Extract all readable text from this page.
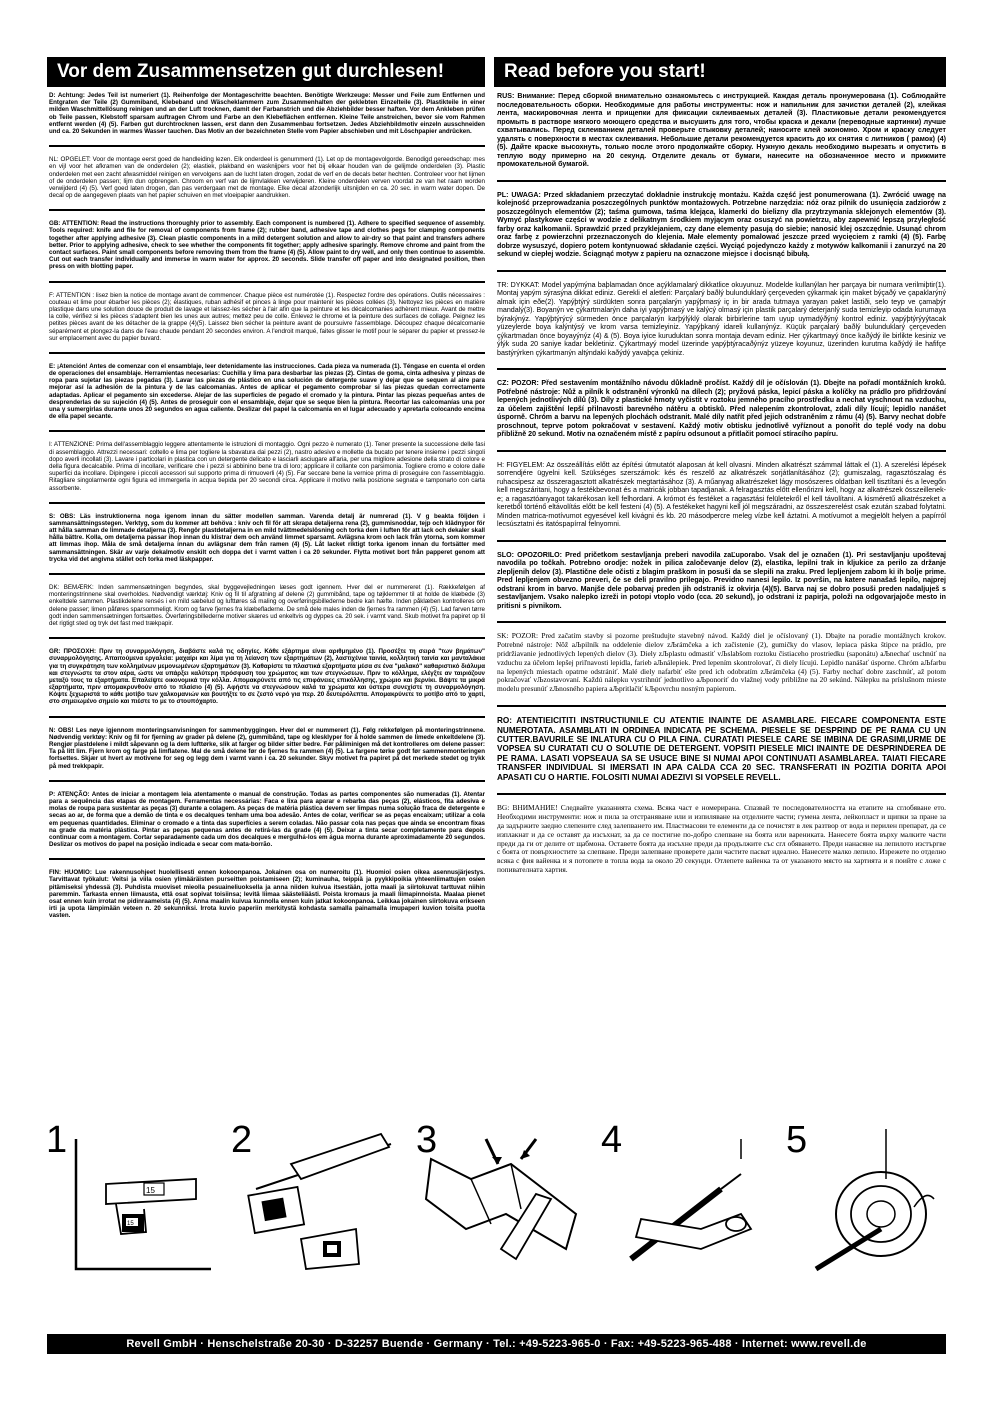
Vor dem Zusammensetzen gut durchlesen!	Read before you start!

D: Achtung: Jedes Teil ist numeriert (1). Reihenfolge der Montageschritte beachten. Benötigte Werkzeuge: Messer und Feile zum Entfernen und Entgraten der Teile (2) Gummiband, Klebeband und Wäscheklammern zum Zusammenhalten der geklebten Einzelteile (3). Plastikteile in einer milden Waschmittellösung reinigen und an der Luft trocknen, damit der Farbanstrich und die Abziehbilder besser haften. Vor dem Ankleben prüfen ob Teile passen, Klebstoff sparsam auftragen Chrom und Farbe an den Klebeflächen entfernen. Kleine Teile anstreichen, bevor sie vom Rahmen entfernt werden (4) (5). Farben gut durchtrocknen lassen, erst dann den Zusammenbau fortsetzen. Jedes Abziehbildmotiv einzeln ausschneiden und ca. 20 Sekunden in warmes Wasser tauchen. Das Motiv an der bezeichneten Stelle vom Papier abschieben und mit Löschpapier andrücken.

NL: OPGELET: Voor de montage eerst goed de handleiding lezen. Elk onderdeel is genummerd (1). Let op de montagevolgorde. Benodigd gereedschap: mes en vijl voor het afkramen van de onderdelen (2); elastiek, plakband en wasknijpers voor het bij elkaar houden van de gelijmde onderdelen (3). Plastic onderdelen met een zacht afwasmiddel reinigen en vervolgens aan de lucht laten drogen, zodat de verf en de decals beter hechten. Controleer voor het lijmen of de onderdelen passen; lijm dun opbrengen. Chroom en verf van de lijmvlakken verwijderen. Kleine onderdelen verven voordat ze van het raam worden verwijderd (4) (5). Verf goed laten drogen, dan pas verdergaan met de montage. Elke decal afzonderlijk uitsnijden en ca. 20 sec. in warm water dopen. De decal op de aangegeven plaats van het papier schuiven en met vloeipapier aandrukken.

GB: ATTENTION: Read the instructions thoroughly prior to assembly. Each component is numbered (1). Adhere to specified sequence of assembly. Tools required: knife and file for removal of components from frame (2); rubber band, adhesive tape and clothes pegs for clamping components together after applying adhesive (3). Clean plastic components in a mild detergent solution and allow to air-dry so that paint and transfers adhere better. Prior to applying adhesive, check to see whether the components fit together; apply adhesive sparingly. Remove chrome and paint from the contact surfaces. Paint small components before removing them from the frame (4) (5). Allow paint to dry well, and only then continue to assemble. Cut out each transfer individually and immerse in warm water for approx. 20 seconds. Slide transfer off paper and into designated position, then press on with blotting paper.

F: ATTENTION : lisez bien la notice de montage avant de commencer. Chaque pièce est numérotée (1). Respectez l'ordre des opérations. Outils nécessaires : couteau et lime pour ébarber les pièces (2); élastiques, ruban adhésif et pinces à linge pour maintenir les pièces collées (3). Nettoyez les pièces en matière plastique dans une solution douce de produit de lavage et laissez-les sécher à l'air afin que la peinture et les décalcomanies adhèrent mieux. Avant de mettre la colle, vérifiez si les pièces s'adaptent bien les unes aux autres; mettez peu de colle. Enlevez le chrome et la peinture des surfaces de collage. Peignez les petites pièces avant de les détacher de la grappe (4)(5). Laissez bien sécher la peinture avant de poursuivre l'assemblage. Découpez chaque décalcomanie séparément et plongez-la dans de l'eau chaude pendant 20 secondes environ. A l'endroit marqué, faites glisser le motif pour le séparer du papier et pressez-le sur emplacement avec du papier buvard.

E: ¡Atención! Antes de comenzar con el ensamblaje, leer detenidamente las instrucciones. Cada pieza va numerada (1). Téngase en cuenta el orden de operaciones del ensamblaje. Herramientas necesarias: Cuchilla y lima para desbarbar las piezas (2). Cintas de goma, cinta adhesiva y pinzas de ropa para sujetar las piezas pegadas (3). Lavar las piezas de plástico en una solución de detergente suave y dejar que se sequen al aire para mejorar así la adhesión de la pintura y de las calcomanías. Antes de aplicar el pegamento comprobar si las piezas quedan correctamente adaptadas. Aplicar el pegamento sin excederse. Alejar de las superficies de pegado el cromado y la pintura. Pintar las piezas pequeñas antes de desprenderlas de su sujeción (4) (5). Antes de proseguir con el ensamblaje, dejar que se seque bien la pintura. Recortar las calcomanías una por una y sumergirlas durante unos 20 segundos en agua caliente. Deslizar del papel la calcomanía en el lugar adecuado y apretarla colocando encima de ella papel secante.

I: ATTENZIONE: Prima dell'assemblaggio leggere attentamente le istruzioni di montaggio. Ogni pezzo è numerato (1). Tener presente la successione delle fasi di assemblaggio. Attrezzi necessari: coltello e lima per togliere la sbavatura dai pezzi (2), nastro adesivo e mollette da bucato per tenere insieme i pezzi singoli dopo averli incollati (3). Lavare i particolari in plastica con un detergente delicato e lasciarli asciugare all'aria, per una migliore adesione della strato di colore e della figura decalcabile. Prima di incollare, verificare che i pezzi si abbinino bene tra di loro; applicare il collante con parsimonia. Togliere cromo e colore dalle superfici da incollare. Dipingere i piccoli accessori sul supporto prima di rimuoverli (4) (5). Far seccare bene la vernice prima di proseguire con l'assemblaggio. Ritagliare singolarmente ogni figura ed immergerla in acqua tiepida per 20 secondi circa. Applicare il motivo nella posizione segnata e tamponarlo con carta assorbente.

S: OBS: Läs instruktionerna noga igenom innan du sätter modellen samman. Varenda detalj är numrerad (1). V g beakta följden i sammansättningsstegen. Verktyg, som du kommer att behöva : kniv och fil för att skrapa detaljerna rena (2), gummisnoddar, tejp och klädnypor för att hålla samman de limmade detaljerna (3). Rengör plastdetaljerna in en mild tvättmedelslösning och torka dem i luften för att lack och dekaler skall hålla bättre. Kolla, om detaljerna passar ihop innan du klistrar dem och använd limmet sparsamt. Avlägsna krom och lack från ytorna, som kommer att limmas ihop. Måla de små detaljerna innan du avlägsnar dem från ramen (4) (5). Låt lacket riktigt torka igenom innan du fortsätter med sammansättningen. Skär av varje dekalmotiv enskilt och doppa det i varmt vatten i ca 20 sekunder. Flytta motivet bort från papperet genom att trycka vid det angivna stället och torka med läskpapper.

DK: BEMÆRK: Inden sammensætningen begyndes, skal byggevejledningen læses godt igennem. Hver del er nummereret (1). Rækkefølgen af monteringstrinnene skal overholdes. Nødvendigt værktøj: Kniv og fil til afgratning af delene (2) gummibånd, tape og tøjklemmer til at holde de klæbede (3) enkeltdele sammen. Plastikdelene rensés i en mild sæbelud og lufttøres så maling og overføringsbillederne bedre kan hæfte. Inden påklæben kontrolleres om delene passer; limen påføres sparsommeligt. Krom og farve fjernes fra klæbefladerne. De små dele males inden de fjernes fra rammen (4) (5). Lad farven tørre godt inden sammensætningen fortsættes. Overføringsbillederne motiver skæres ud enkeltvis og dyppes ca. 20 sek. i varmt vand. Skub motivet fra papiret op til det rigtigt sted og tryk det fast med trækpapir.

GR: ΠΡΟΣΟΧΗ: Πριν τη συναρμολόγηση, διαβάστε καλά τις οδηγίες. Κάθε εξάρτημα είναι αριθμημένο (1). Προσέξτε τη σειρά "των βημάτων" συναρμολόγησης. Απαιτούμενα εργαλεία: μαχαίρι και λίμα για τη λείανση των εξαρτημάτων (2), λαστιχένια ταινία, κολλητική ταινία και μανταλάκια για τη συγκράτηση των κολλημένων μεμονωμένων εξαρτημάτων (3). Καθαρίστε τα πλαστικά εξαρτήματα μέσα σε ένα "μαλακό" καθαριστικό διάλυμα και στεγνώστε τα στον αέρα, ώστε να υπάρξει καλύτερη πρόσφυση του χρώματος και των στεγνώσεων. Πριν το κόλλημα, ελέγξτε αν ταιριάζουν μεταξύ τους τα εξαρτήματα. Επαλείψτε οικονομικά την κόλλα. Απομακρύνετε από τις επιφάνειες επικόλλησης, χρώμιο και βερνίκι. Βάψτε τα μικρά εξαρτήματα, πριν απομακρυνθούν από το πλαίσιο (4) (5). Αφήστε να στεγνώσουν καλά τα χρώματα και ύστερα συνεχίστε τη συναρμολόγηση. Κόψτε ξεχωριστά το κάθε μοτίβο των χαλκομανιών και βουτήξτε το σε ζεστό νερό για περ. 20 δευτερόλεπτα. Απομακρύνετε το μοτίβο από το χαρτί, στο σημειωμένο σημείο και πιέστε το με το στουπόχαρτο.

N: OBS! Les nøye igjennom monteringsanvisningen for sammenbyggingen. Hver del er nummerert (1). Følg rekkefølgen på monteringstrinnene. Nødvendig verktøy: Kniv og fil for fjerning av grader på delene (2), gummibånd, tape og klesklyper for å holde sammen de limede enkeltdelene (3). Rengjør plastdelene i mildt såpevann og la dem lufttørke, slik at farger og bilder sitter bedre. Før påliminigen må det kontrolleres om delene passer: Ta på litt lim. Fjern krom og farge på limflatene. Mal de små delene før de fjernes fra rammen (4) (5). La fargene tørke godt før sammenmonteringen fortsettes. Skjær ut hvert av motivene for seg og legg dem i varmt vann i ca. 20 sekunder. Skyv motivet fra papiret på det merkede stedet og trykk på med trekkpapir.

P: ATENÇÃO: Antes de iniciar a montagem leia atentamente o manual de construção. Todas as partes componentes são numeradas (1). Atentar para a sequência das etapas de montagem. Ferramentas necessárias: Faca e lixa para aparar e rebarba das peças (2), elásticos, fita adesiva e molas de roupa para sustentar as peças (3) durante a colagem. As peças de matéria plástica devem ser limpas numa solução fraca de detergente e secas ao ar, de forma que a demão de tinta e os decalques tenham uma boa adesão. Antes de colar, verificar se as peças encaixam; utilizar a cola em pequenas quantidades. Eliminar o cromado e a tinta das superfícies a serem coladas. Não passar cola nas peças que ainda se encontram fixas na grade da matéria plástica. Pintar as peças pequenas antes de retirá-las da grade (4) (5). Deixar a tinta secar completamente para depois continuar com a montagem. Cortar separadamente cada um dos decalques e mergulhá-los em água morna durante aproximadamente 20 segundos. Deslizar os motivos do papel na posição indicada e secar com mata-borrão.

FIN: HUOMIO: Lue rakennusohjeet huolellisesti ennen kokoonpanoa. Jokainen osa on numeroitu (1). Huomioi osien oikea asennusjärjestys. Tarvittavat työkalut: Veitsi ja viila osien ylimääräisten purseitten poistamiseen (2); kuminauha, teippiä ja pyykkipoikia yhteenliimattujen osien pitämiseksi yhdessä (3). Puhdista muoviset mieolla pesuaineliuoksella ja anna niiden kuivua itsestään, jotta maali ja siirtokuvat tarttuvat niihin paremmin. Tarkasta ennen liimausta, että osat sopivat toisiinsa; levitä liimaa säästeliäästi. Poista kromaus ja maali liimapinnoista. Maalaa pienet osat ennen kuin irrotat ne pidinraameista (4) (5). Anna maalin kuivua kunnolla ennen kuin jatkat kokoonpanoa. Leikkaa jokainen siirtokuva erikseen irti ja upota lämpimään veteen n. 20 sekunniksi. Irrota kuvio paperiin merkitystä kohdasta samalla painamalla imupaperi kuvion toisita puolta vasten.

RUS: Внимание: Перед сборкой внимательно ознакомьтесь с инструкцией. Каждая деталь пронумерована (1). Соблюдайте последовательность сборки. Необходимые для работы инструменты: нож и напильник для зачистки деталей (2), клейкая лента, маскировочная лента и прищепки для фиксации склеиваемых деталей (3). Пластиковые детали рекомендуется промыть в растворе мягкого моющего средства и высушить для того, чтобы краска и декали (переводные картинки) лучше схватывались. Перед склеиванием деталей проверьте стыковку деталей; наносите клей экономно. Хром и краску следует удалять с поверхности в местах склеивания. Небольшие детали рекомендуется красить до их снятия с литников ( рамок) (4) (5). Дайте краске высохнуть, только после этого продолжайте сборку. Нужную декаль необходимо вырезать и опустить в теплую воду примерно на 20 секунд. Отделите декаль от бумаги, нанесите на обозначенное место и прижмите промокательной бумагой.

PL: UWAGA: Przed składaniem przeczytać dokładnie instrukcję montażu. Każda część jest ponumerowana (1). Zwrócić uwagę na kolejność przeprowadzania poszczególnych punktów montażowych. Potrzebne narzędzia: nóż oraz pilnik do usunięcia zadziorów z poszczególnych elementów (2); taśma gumowa, taśma klejąca, klamerki do bielizny dla przytrzymania sklejonych elementów (3). Wymyć plastykowe części w wodzie z delikatnym środkiem myjącym oraz osuszyć na powietrzu, aby zapewnić lepszą przyległość farby oraz kalkomanii. Sprawdzić przed przyklejaniem, czy dane elementy pasują do siebie; nanosić klej oszczędnie. Usunąć chrom oraz farbę z powierzchni przeznaczonych do klejenia. Małe elementy pomalować jeszcze przed wycięciem z ramki (4) (5). Farbę dobrze wysuszyć, dopiero potem kontynuować składanie części. Wyciąć pojedynczo każdy z motywów kalkomanii i zanurzyć na 20 sekund w ciepłej wodzie. Ściągnąć motyw z papieru na oznaczone miejsce i docisnąć bibułą.

TR: DYKKAT: Model yapýmýna baþlamadan önce açýklamalarý dikkatlice okuyunuz. Modelde kullanýlan her parçaya bir numara verilmiþtir(1). Montaj yapým sýrasýna dikkat ediniz. Gerekli el aletleri: Parçalarý baðlý bulunduklarý çerçeveden çýkarmak için maket býçaðý ve çapaklarýný almak için eðe(2). Yapýþtýrý sürdükten sonra parçalarýn yapýþmasý iç in bir arada tutmaya yarayan paket lastiði, selo teyp ve çamaþýr mandalý(3). Boyanýn ve çýkartmalarýn daha iyi yapýþmasý ve kalýcý olmasý için plastik parçalarý deterjanlý suda temizleyip odada kurumaya býrakýnýz. Yapýþtýrýcý sürmeden önce parçalarýn karþýlýklý olarak birbirlerine tam uyup uymadýðýný kontrol ediniz. yapýþtýrýyýtacak yüzeylerde boya kalýntýsý ve krom varsa temizleyiniz. Yapýþkaný idareli kullanýnýz. Küçük parçalarý baðlý bulunduklarý çerçeveden çýkartmadan önce boyayýnýz (4) & (5). Boya iyice kuruduktan sonra montaja devam ediniz. Her çýkartmayý önce kaðýdý ile birlikte kesiniz ve ýlýk suda 20 saniye kadar bekletiniz. Çýkartmayý model üzerinde yapýþtýracaðýnýz yüzeye koyunuz, üzerinden kurutma kaðýdý ile hafifçe bastýrýrken çýkartmanýn altýndaki kaðýdý yavaþça çekiniz.

CZ: POZOR: Před sestavením montážního návodu důkladně pročíst. Každý díl je očíslován (1). Dbejte na pořadí montážních kroků. Potřebné nástroje: Nůž a pilník k odstranění výronků na dílech (2); pryžová páska, lepicí páska a kolíčky na prádlo pro přidržování lepených jednotlivých dílů (3). Díly z plastické hmoty vyčistit v roztoku jemného pracího prostředku a nechat vyschnout na vzduchu, za účelem zajištění lepší přilnavosti barevného nátěru a obtisků. Před nalepením zkontrolovat, zdali díly lícují; lepidlo nanášet úsporně. Chróm a barvu na lepených plochách odstranit. Malé díly natřít před jejich odstraněním z rámu (4) (5). Barvy nechat dobře proschnout, teprve potom pokračovat v sestavení. Každý motiv obtisku jednotlivě vyříznout a ponořit do teplé vody na dobu přibližně 20 sekund. Motiv na označeném místě z papíru odsunout a přitlačit pomocí stíracího papíru.

H: FIGYELEM: Az összeállítás előtt az építési útmutatót alaposan át kell olvasni. Minden alkatrészt számmal láttak el (1). A szerelési lépések sorrendjére ügyelni kell. Szükséges szerszámok: kés és reszelő az alkatrészek sorjátlanításához (2); gumiszalag, ragasztószalag és ruhacsipesz az összeragasztott alkatrészek megtartásához (3). A műanyag alkatrészeket lágy mosószeres oldatban kell tisztítani és a levegőn kell megszáritani, hogy a festékbevonat és a matricák jobban tapadjanak. A felragasztás előtt ellenőrizni kell, hogy az alkatrészek összeillenek-e; a ragasztóanyagot takarékosan kell felhordani. A krómot és festéket a ragasztási felületekről el kell távolítani. A kisméretű alkatrészeket a keretből történő eltávolítás előtt be kell festeni (4) (5). A festékeket hagyni kell jól megszáradni, az összeszerelést csak ezután szabad folytatni. Minden matrica-motívumot egyesével kell kivágni és kb. 20 másodpercre meleg vízbe kell áztatni. A motívumot a megjelölt helyen a papírról lecsúsztatni és itatóspapírral felnyomni.

SLO: OPOZORILO: Pred pričetkom sestavljanja preberi navodila zaĽuporabo. Vsak del je označen (1). Pri sestavljanju upoštevaj navodila po točkah. Potrebno orodje: nožek in pilica zaločevanje delov (2), elastika, lepilni trak in kljukice za perilo za držanje zlepljenih delov (3). Plastične dele očisti z blagim praškom in posuši da se slepili na zraku. Pred lepljenjem zabom ki ih bolje prime. Pred lepljenjem obvezno preveri, če se deli pravilno prilegajo. Previdno nanesi lepilo. Iz površin, na katere nanašaš lepilo, najprej odstrani krom in barvo. Manjše dele pobarvaj preden jih odstraniš iz okvirja (4)(5). Barva naj se dobro posuši preden nadaljuješ s sestavljanjem. Vsako nalepko izreži in potopi vtoplo vodo (cca. 20 sekund), jo odstrani iz papirja, položi na odgovarjajoče mesto in pritisni s pivnikom.

SK: POZOR: Pred začatím stavby si pozorne preštudujte stavebný návod. Každý diel je očíslovaný (1). Dbajte na poradie montážnych krokov. Potrebné nástroje: Nôž aЉpilník na oddelenie dielov zЉrámčeka a ich začistenie (2), gumičky do vlasov, lepiaca páska štipce na prádlo, pre pridržiavanie jednotlivých lepených dielov (3). Diely zЉplastu odmastiť vЉslabšom roztoku čistiaceho prostriedku (saponátu) aЉnechať uschnúť na vzduchu za účelom lepšej priľnavosti lepidla, farieb aЉnálepiek. Pred lepením skontrolovať, či diely lícujú. Lepidlo nanášať úsporne. Chróm aЉfarbu na lepených miestach opatrne odstrániť. Malé diely nafarbiť ešte pred ich odobratím zЉrámčeka (4) (5). Farby nechať dobre zaschnúť, až potom pokračovať vЉzostavovaní. Každú nálepku vystrihnúť jednotlivo aЉponoriť do vlažnej vody približne na 20 sekúnd. Nálepku na príslušnom mieste modelu presunúť zЉnosného papiera aЉpritlačiť kЉpovrchu nosným papierom.

RO: ATENTIEICITITI INSTRUCTIUNILE CU ATENTIE INAINTE DE ASAMBLARE. FIECARE COMPONENTA ESTE NUMEROTATA. ASAMBLATI IN ORDINEA INDICATA PE SCHEMA. PIESELE SE DESPRIND DE PE RAMA CU UN CUTTER.BAVURILE SE INLATURA CU O PILA FINA. CURATATI PIESELE CARE SE IMBINA DE GRASIMI,URME DE VOPSEA SU CURATATI CU O SOLUTIE DE DETERGENT. VOPSITI PIESELE MICI INAINTE DE DESPRINDEREA DE PE RAMA. LASATI VOPSEAUA SA SE USUCE BINE SI NUMAI APOI CONTINUATI ASAMBLAREA. TAIATI FIECARE TRANSFER INDIVIDUAL SI IMERSATI IN APA CALDA CCA 20 SEC. TRANSFERATI IN POZITIA DORITA APOI APASATI CU O HARTIE. FOLOSITI NUMAI ADEZIVI SI VOPSELE REVELL.

BG: ВНИМАНИЕ! Следвайте указанията схема. Всяка част е номерирана. Спазвай те последователността на етапите на сглобяване ето. Необходими инструменти: нож и пила за отстраняване или и изпиляване на отделните части; гумена лента, лейкопласт и щипки за пране за да задържите заедно слепените след залепването им. Пластмасови те елементи да се почистят в лек разтвор от вода и перилен препарат, да се изплакнат и да се оставят да изсъхнат, за да се постигне по-добро слепване на боята или варениката. Нанесете боята върху малките части преди да ги от делите от щабмона. Оставете боята да изсъхне преди да продължите със сгл обяването. Преди нанасяне на лепилото изстъргве с боята от повърхностите за слепване. Преди залепване проверете дали частите пасват идеално. Нанесете малко лепило. Изрежете по отделно всяка с фия вайенка и я потопете в топла вода за около 20 секунди. Отлепете вайенка та от указаното място на хартията и я поийте с ложе с попивателната хартия.

15
15
1	2	3	4	5
Revell GmbH · Henschelstraße 20-30 · D-32257 Buende · Germany · Tel.: +49-5223-965-0 · Fax: +49-5223-965-488 · Internet: www.revell.de
